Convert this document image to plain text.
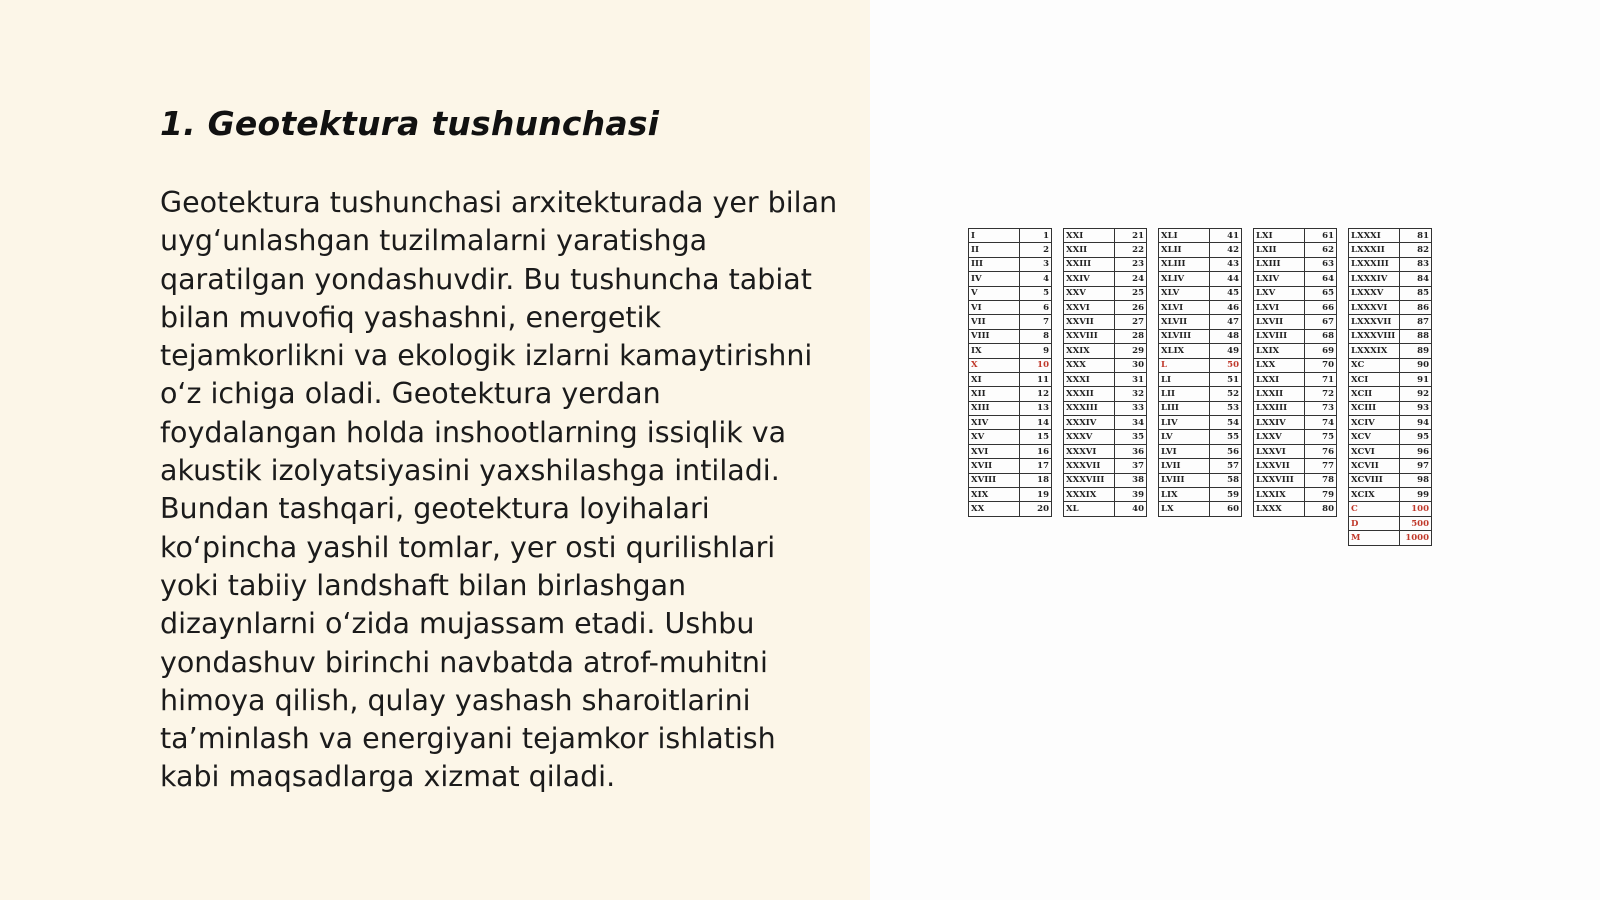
1. Geotektura tushunchasi

Geotektura tushunchasi arxitekturada yer bilan uyg‘unlashgan tuzilmalarni yaratishga qaratilgan yondashuvdir. Bu tushuncha tabiat bilan muvofiq yashashni, energetik tejamkorlikni va ekologik izlarni kamaytirishni o‘z ichiga oladi. Geotektura yerdan foydalangan holda inshootlarning issiqlik va akustik izolyatsiyasini yaxshilashga intiladi. Bundan tashqari, geotektura loyihalari ko‘pincha yashil tomlar, yer osti qurilishlari yoki tabiiy landshaft bilan birlashgan dizaynlarni o‘zida mujassam etadi. Ushbu yondashuv birinchi navbatda atrof-muhitni himoya qilish, qulay yashash sharoitlarini ta’minlash va energiyani tejamkor ishlatish kabi maqsadlarga xizmat qiladi.

I	1
II	2
III	3
IV	4
V	5
VI	6
VII	7
VIII	8
IX	9
X	10
XI	11
XII	12
XIII	13
XIV	14
XV	15
XVI	16
XVII	17
XVIII	18
XIX	19
XX	20
XXI	21
XXII	22
XXIII	23
XXIV	24
XXV	25
XXVI	26
XXVII	27
XXVIII	28
XXIX	29
XXX	30
XXXI	31
XXXII	32
XXXIII	33
XXXIV	34
XXXV	35
XXXVI	36
XXXVII	37
XXXVIII	38
XXXIX	39
XL	40
XLI	41
XLII	42
XLIII	43
XLIV	44
XLV	45
XLVI	46
XLVII	47
XLVIII	48
XLIX	49
L	50
LI	51
LII	52
LIII	53
LIV	54
LV	55
LVI	56
LVII	57
LVIII	58
LIX	59
LX	60
LXI	61
LXII	62
LXIII	63
LXIV	64
LXV	65
LXVI	66
LXVII	67
LXVIII	68
LXIX	69
LXX	70
LXXI	71
LXXII	72
LXXIII	73
LXXIV	74
LXXV	75
LXXVI	76
LXXVII	77
LXXVIII	78
LXXIX	79
LXXX	80
LXXXI	81
LXXXII	82
LXXXIII	83
LXXXIV	84
LXXXV	85
LXXXVI	86
LXXXVII	87
LXXXVIII	88
LXXXIX	89
XC	90
XCI	91
XCII	92
XCIII	93
XCIV	94
XCV	95
XCVI	96
XCVII	97
XCVIII	98
XCIX	99
C	100
D	500
M	1000
